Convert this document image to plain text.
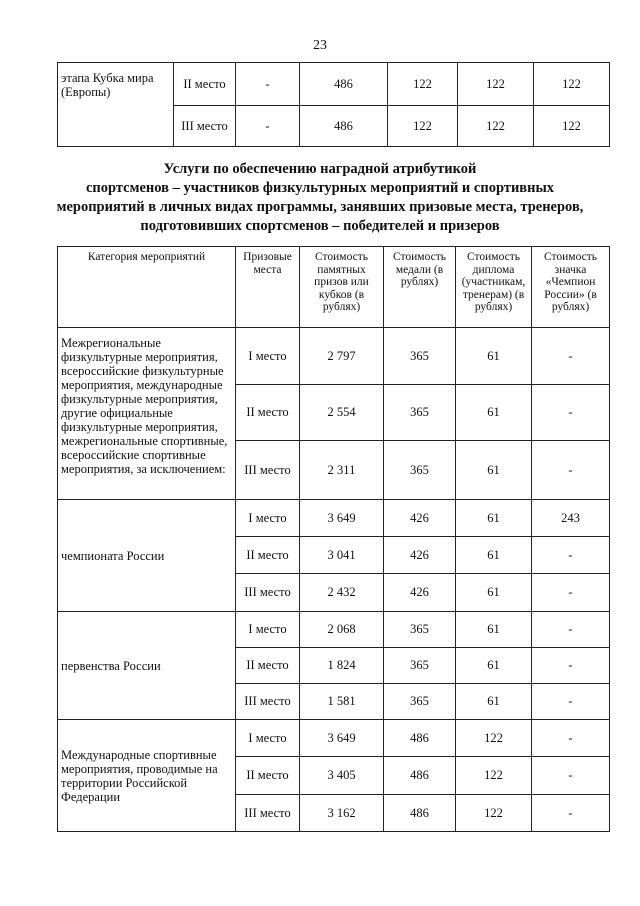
23
этапа Кубка мира (Европы)	II место	-	486	122	122	122
	III место	-	486	122	122	122
Услуги по обеспечению наградной атрибутикой
спортсменов – участников физкультурных мероприятий и спортивных
мероприятий в личных видах программы, занявших призовые места, тренеров,
подготовивших спортсменов – победителей и призеров
Категория мероприятий	Призовые места	Стоимость памятных призов или кубков (в рублях)	Стоимость медали (в рублях)	Стоимость диплома (участникам, тренерам) (в рублях)	Стоимость значка «Чемпион России» (в рублях)
Межрегиональные физкультурные мероприятия, всероссийские физкультурные мероприятия, международные физкультурные мероприятия, другие официальные физкультурные мероприятия, межрегиональные спортивные, всероссийские спортивные мероприятия, за исключением:	I место	2 797	365	61	-
	II место	2 554	365	61	-
	III место	2 311	365	61	-
чемпионата России	I место	3 649	426	61	243
	II место	3 041	426	61	-
	III место	2 432	426	61	-
первенства России	I место	2 068	365	61	-
	II место	1 824	365	61	-
	III место	1 581	365	61	-
Международные спортивные мероприятия, проводимые на территории Российской Федерации	I место	3 649	486	122	-
	II место	3 405	486	122	-
	III место	3 162	486	122	-
